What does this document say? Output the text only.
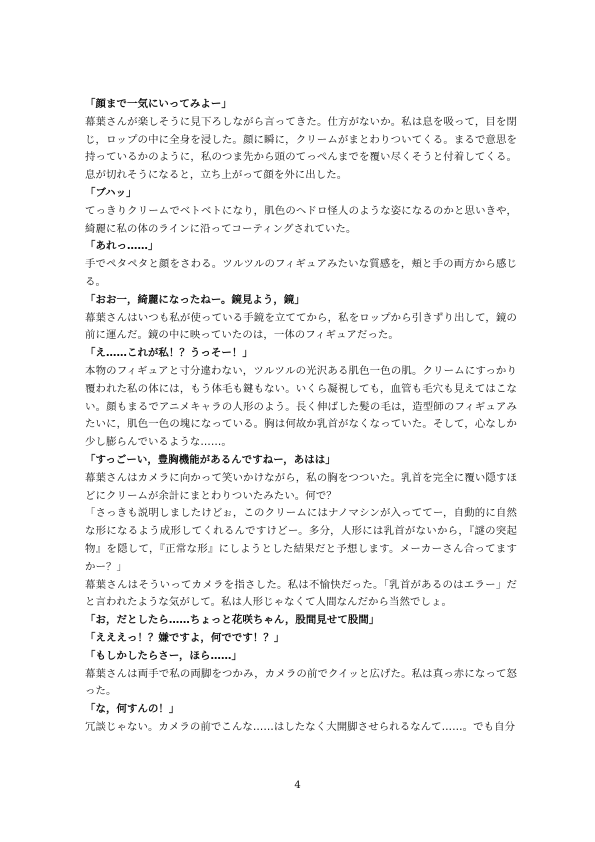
「顔まで一気にいってみよー」

幕葉さんが楽しそうに見下ろしながら言ってきた。仕方がないか。私は息を吸って，目を閉じ，ロップの中に全身を浸した。顔に瞬に，クリームがまとわりついてくる。まるで意思を持っているかのように，私のつま先から頭のてっぺんまでを覆い尽くそうと付着してくる。息が切れそうになると，立ち上がって顔を外に出した。

「ブハッ」

てっきりクリームでベトベトになり，肌色のヘドロ怪人のような姿になるのかと思いきや，綺麗に私の体のラインに沿ってコーティングされていた。

「あれっ……」

手でペタペタと顔をさわる。ツルツルのフィギュアみたいな質感を，頬と手の両方から感じる。

「おお一，綺麗になったねー。鏡見よう，鏡」

幕葉さんはいつも私が使っている手鏡を立ててから，私をロップから引きずり出して，鏡の前に運んだ。鏡の中に映っていたのは，一体のフィギュアだった。

「え……これが私！？うっそー！」

本物のフィギュアと寸分違わない，ツルツルの光沢ある肌色一色の肌。クリームにすっかり覆われた私の体には，もう体毛も鍵もない。いくら凝視しても，血管も毛穴も見えてはこない。顔もまるでアニメキャラの人形のよう。長く伸ばした髪の毛は，造型師のフィギュアみたいに，肌色一色の塊になっている。胸は何故か乳首がなくなっていた。そして，心なしか少し膨らんでいるような……。

「すっごーい，豊胸機能があるんですねー，あはは」

幕葉さんはカメラに向かって笑いかけながら，私の胸をつついた。乳首を完全に覆い隠すほどにクリームが余計にまとわりついたみたい。何で？

「さっきも説明しましたけどぉ，このクリームにはナノマシンが入っててー，自動的に自然な形になるよう成形してくれるんですけどー。多分，人形には乳首がないから，『謎の突起物』を隠して，『正常な形』にしようとした結果だと予想します。メーカーさん合ってますかー？」

幕葉さんはそういってカメラを指さした。私は不愉快だった。「乳首があるのはエラー」だと言われたような気がして。私は人形じゃなくて人間なんだから当然でしょ。

「お，だとしたら……ちょっと花咲ちゃん，股間見せて股間」

「えええっ！？嫌ですよ，何でです！？」

「もしかしたらさー，ほら……」

幕葉さんは両手で私の両脚をつかみ，カメラの前でクイッと広げた。私は真っ赤になって怒った。

「な，何すんの！」

冗談じゃない。カメラの前でこんな……はしたなく大開脚させられるなんて……。でも自分

4
